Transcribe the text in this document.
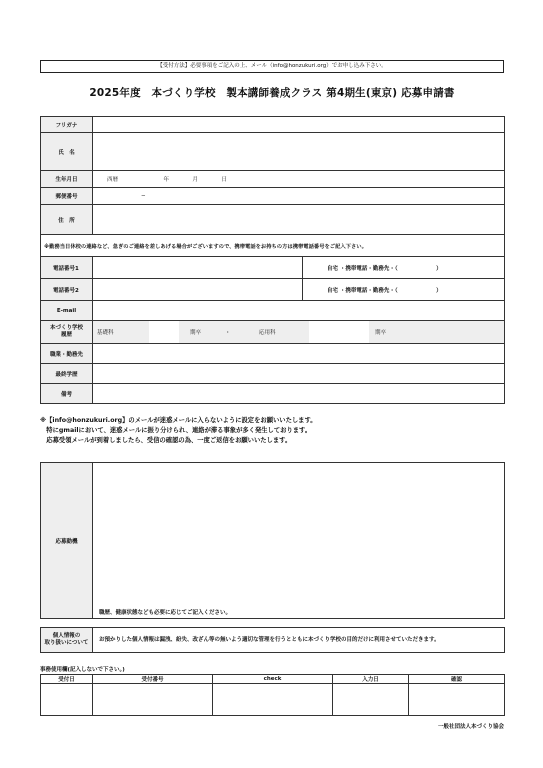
【受付方法】必要事項をご記入の上、メール（info@honzukuri.org）でお申し込み下さい。
2025年度　本づくり学校　製本講師養成クラス 第4期生(東京) 応募申請書
フリガナ		
氏　名		
生年月日	西暦 年 月 日	
郵便番号	−	
住　所		
※勤務当日休校の連絡など、急ぎのご連絡を差しあげる場合がございますので、携帯電話をお持ちの方は携帯電話番号をご記入下さい。		
電話番号1		自宅 ・携帯電話・勤務先・（　　　　　　　）
電話番号2		自宅 ・携帯電話・勤務先・（　　　　　　　）
E-mail		
本づくり学校
履歴	基礎科 期卒 ・ 応用科 期卒	

職業・勤務先		
最終学歴		
備考		
※【info@honzukuri.org】のメールが迷惑メールに入らないように設定をお願いいたします。
　特にgmailにおいて、迷惑メールに振り分けられ、連絡が滞る事象が多く発生しております。
　応募受領メールが到着しましたら、受信の確認の為、一度ご返信をお願いいたします。
応募動機	職歴、健康状態なども必要に応じてご記入ください。
個人情報の
取り扱いについて	お預かりした個人情報は漏洩、紛失、改ざん等の無いよう適切な管理を行うとともに本づくり学校の目的だけに利用させていただきます。
事務使用欄(記入しないで下さい。)
受付日	受付番号	check	入力日	確認

一般社団法人本づくり協会
